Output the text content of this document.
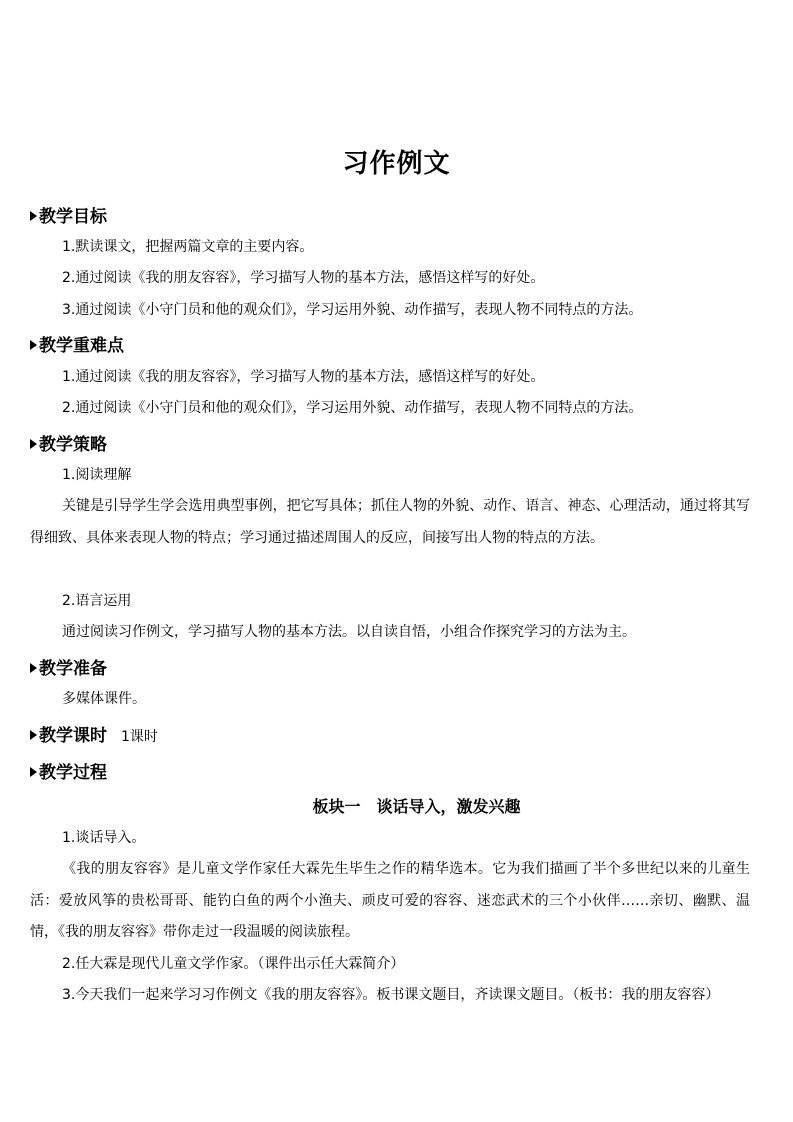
习作例文
教学目标
1.默读课文，把握两篇文章的主要内容。
2.通过阅读《我的朋友容容》，学习描写人物的基本方法，感悟这样写的好处。
3.通过阅读《小守门员和他的观众们》，学习运用外貌、动作描写，表现人物不同特点的方法。
教学重难点
1.通过阅读《我的朋友容容》，学习描写人物的基本方法，感悟这样写的好处。
2.通过阅读《小守门员和他的观众们》，学习运用外貌、动作描写，表现人物不同特点的方法。
教学策略
1.阅读理解
关键是引导学生学会选用典型事例，把它写具体；抓住人物的外貌、动作、语言、神态、心理活动，通过将其写得细致、具体来表现人物的特点；学习通过描述周围人的反应，间接写出人物的特点的方法。
2.语言运用
通过阅读习作例文，学习描写人物的基本方法。以自读自悟，小组合作探究学习的方法为主。
教学准备
多媒体课件。
教学课时 1课时
教学过程
板块一　谈话导入，激发兴趣
1.谈话导入。
《我的朋友容容》是儿童文学作家任大霖先生毕生之作的精华选本。它为我们描画了半个多世纪以来的儿童生活：爱放风筝的贵松哥哥、能钓白鱼的两个小渔夫、顽皮可爱的容容、迷恋武术的三个小伙伴……亲切、幽默、温情，《我的朋友容容》带你走过一段温暖的阅读旅程。
2.任大霖是现代儿童文学作家。（课件出示任大霖简介）
3.今天我们一起来学习习作例文《我的朋友容容》。板书课文题目，齐读课文题目。（板书：我的朋友容容）
